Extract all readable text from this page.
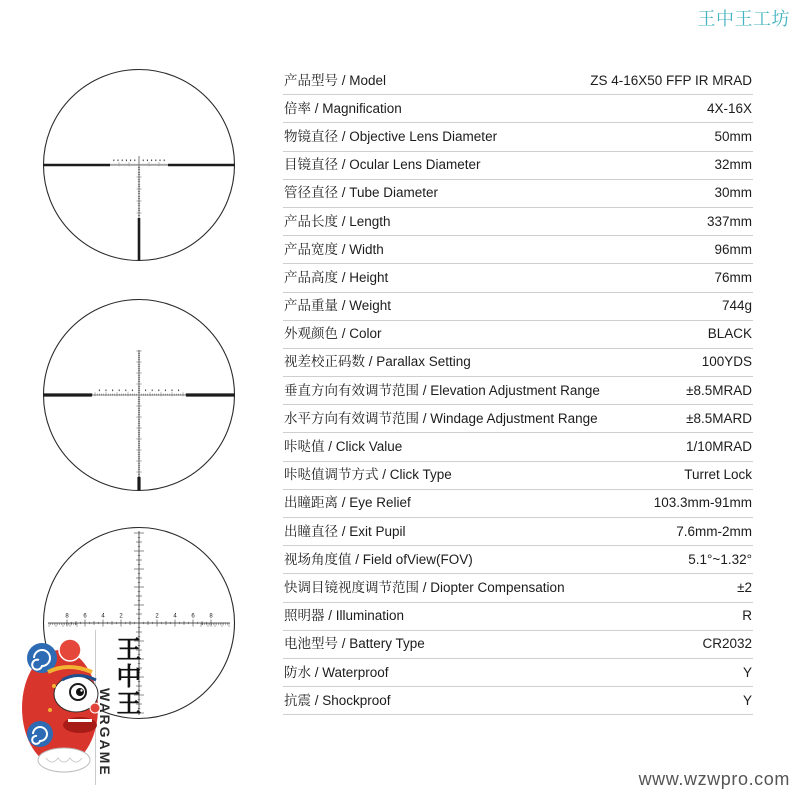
王中王工坊
8 6 4 2	2 4 6 8
产品型号 / Model	ZS 4-16X50 FFP IR MRAD
倍率 / Magnification	4X-16X
物镜直径 / Objective Lens Diameter	50mm
目镜直径 / Ocular Lens Diameter	32mm
管径直径 / Tube Diameter	30mm
产品长度 / Length	337mm
产品宽度 / Width	96mm
产品高度 / Height	76mm
产品重量 / Weight	744g
外观颜色 / Color	BLACK
视差校正码数 / Parallax Setting	100YDS
垂直方向有效调节范围 / Elevation Adjustment Range	±8.5MRAD
水平方向有效调节范围 / Windage Adjustment Range	±8.5MARD
咔哒值 / Click Value	1/10MRAD
咔哒值调节方式 / Click Type	Turret Lock
出瞳距离 / Eye Relief	103.3mm-91mm
出瞳直径 / Exit Pupil	7.6mm-2mm
视场角度值 / Field ofView(FOV)	5.1°~1.32°
快调目镜视度调节范围 / Diopter Compensation	±2
照明器 / Illumination	R
电池型号 / Battery Type	CR2032
防水 / Waterproof	Y
抗震 / Shockproof	Y
王中王
WARGAME
www.wzwpro.com
